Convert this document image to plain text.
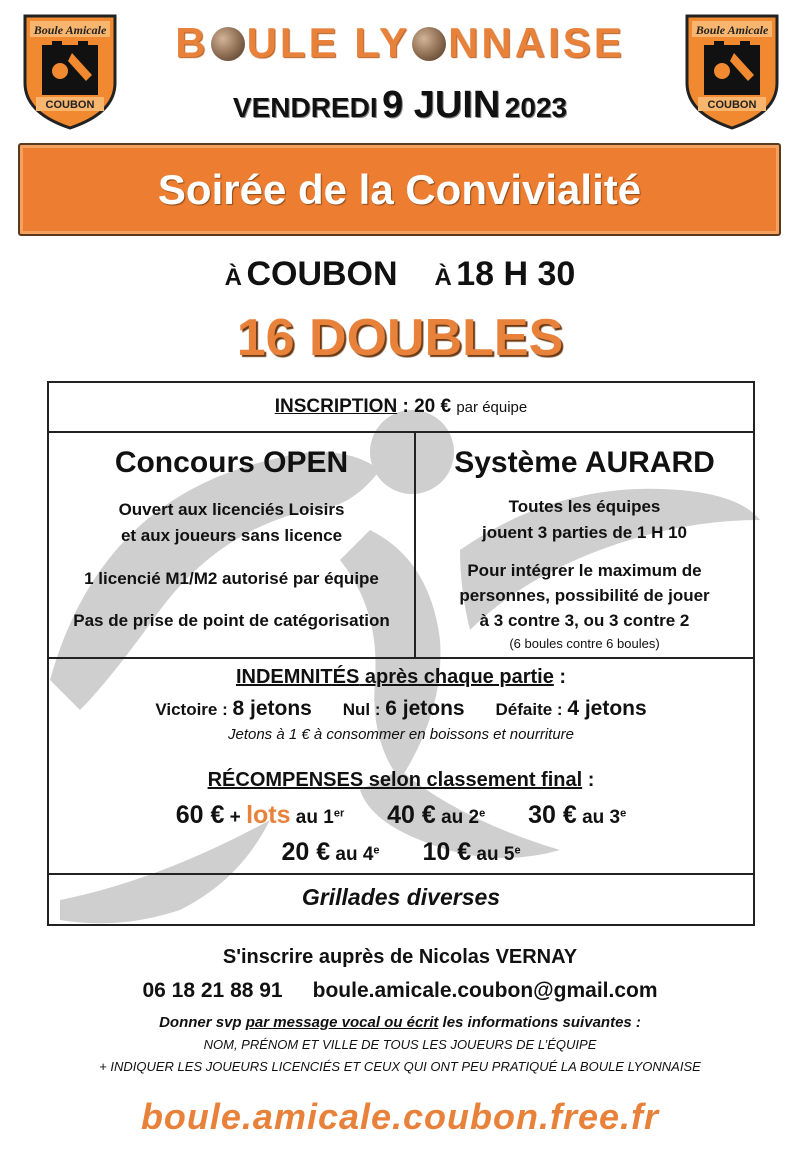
Boule Amicale
COUBON
Boule Amicale
COUBON
B ULE LY NNAISE
VENDREDI 9 JUIN 2023
Soirée de la Convivialité
À COUBON À 18 H 30
16 DOUBLES
INSCRIPTION : 20 € par équipe
Concours OPEN
Ouvert aux licenciés Loisirs
et aux joueurs sans licence
1 licencié M1/M2 autorisé par équipe
Pas de prise de point de catégorisation
Système AURARD
Toutes les équipes
jouent 3 parties de 1 H 10
Pour intégrer le maximum de
personnes, possibilité de jouer
à 3 contre 3, ou 3 contre 2
(6 boules contre 6 boules)
INDEMNITÉS après chaque partie :
Victoire : 8 jetons Nul : 6 jetons Défaite : 4 jetons
Jetons à 1 € à consommer en boissons et nourriture
RÉCOMPENSES selon classement final :
60 € + lots au 1er 40 € au 2e 30 € au 3e
20 € au 4e 10 € au 5e
Grillades diverses
S'inscrire auprès de Nicolas VERNAY
06 18 21 88 91 boule.amicale.coubon@gmail.com
Donner svp par message vocal ou écrit les informations suivantes :
NOM, PRÉNOM ET VILLE DE TOUS LES JOUEURS DE L’ÉQUIPE
+ INDIQUER LES JOUEURS LICENCIÉS ET CEUX QUI ONT PEU PRATIQUÉ LA BOULE LYONNAISE
boule.amicale.coubon.free.fr
